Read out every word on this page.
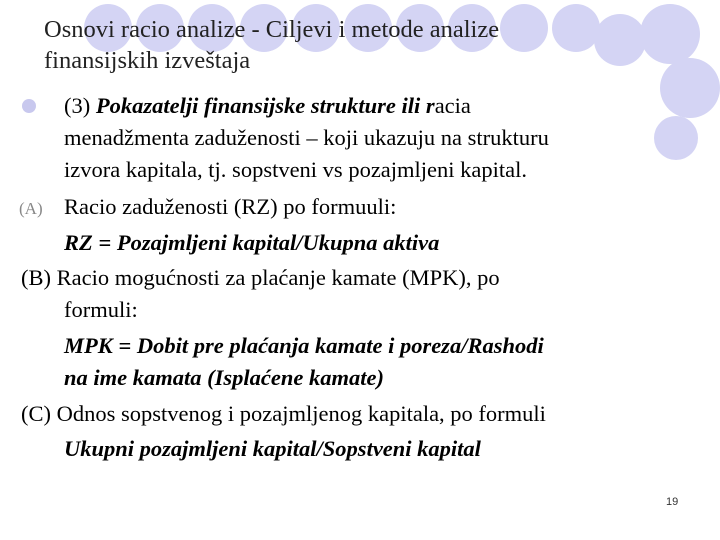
Osnovi racio analize - Ciljevi i metode analize
finansijskih izveštaja
(3) Pokazatelji finansijske strukture ili racia
menadžmenta zaduženosti – koji ukazuju na strukturu
izvora kapitala, tj. sopstveni vs pozajmljeni kapital.
(A) Racio zaduženosti (RZ) po formuuli:
RZ = Pozajmljeni kapital/Ukupna aktiva
(B) Racio mogućnosti za plaćanje kamate (MPK), po
formuli:
MPK = Dobit pre plaćanja kamate i poreza/Rashodi
na ime kamata (Isplaćene kamate)
(C) Odnos sopstvenog i pozajmljenog kapitala, po formuli
Ukupni pozajmljeni kapital/Sopstveni kapital
19
